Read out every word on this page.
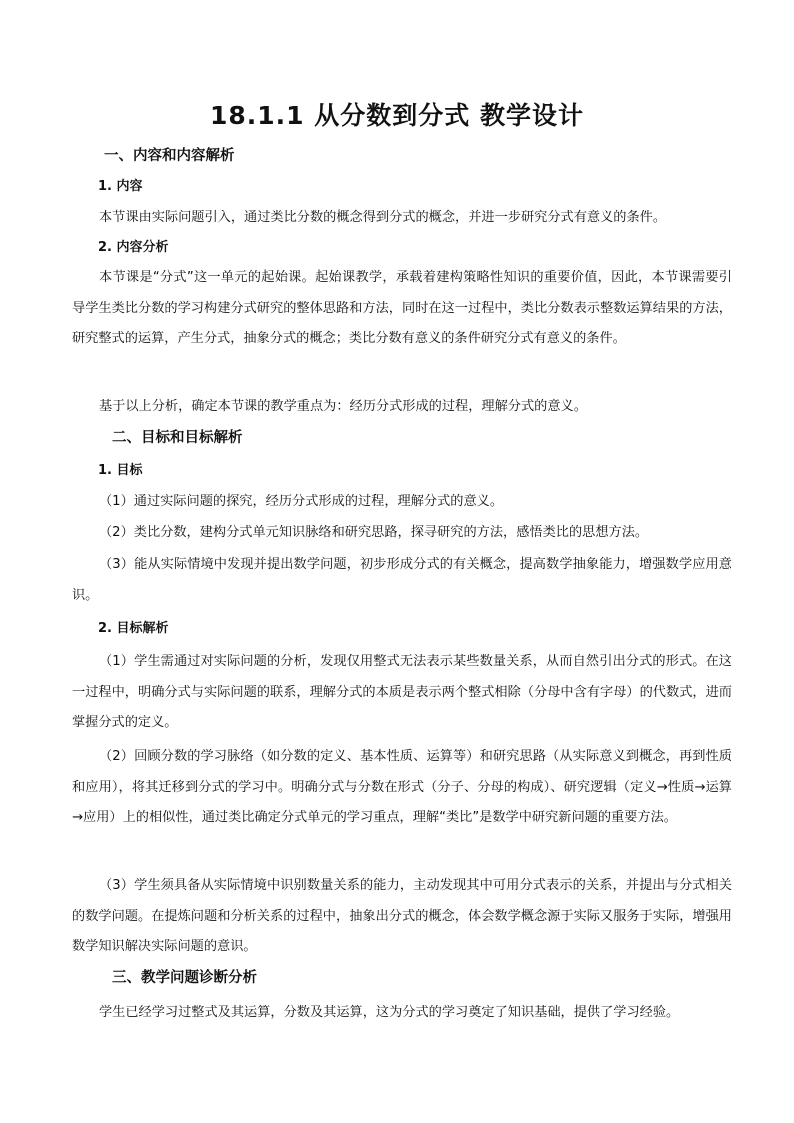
18.1.1 从分数到分式 教学设计
一、内容和内容解析
1. 内容

本节课由实际问题引入，通过类比分数的概念得到分式的概念，并进一步研究分式有意义的条件。

2. 内容分析

本节课是“分式”这一单元的起始课。起始课教学，承载着建构策略性知识的重要价值，因此，本节课需要引导学生类比分数的学习构建分式研究的整体思路和方法，同时在这一过程中，类比分数表示整数运算结果的方法，研究整式的运算，产生分式，抽象分式的概念；类比分数有意义的条件研究分式有意义的条件。

基于以上分析，确定本节课的教学重点为：经历分式形成的过程，理解分式的意义。

二、目标和目标解析
1. 目标

（1）通过实际问题的探究，经历分式形成的过程，理解分式的意义。

（2）类比分数，建构分式单元知识脉络和研究思路，探寻研究的方法，感悟类比的思想方法。

（3）能从实际情境中发现并提出数学问题，初步形成分式的有关概念，提高数学抽象能力，增强数学应用意识。

2. 目标解析

（1）学生需通过对实际问题的分析，发现仅用整式无法表示某些数量关系，从而自然引出分式的形式。在这一过程中，明确分式与实际问题的联系，理解分式的本质是表示两个整式相除（分母中含有字母）的代数式，进而掌握分式的定义。

（2）回顾分数的学习脉络（如分数的定义、基本性质、运算等）和研究思路（从实际意义到概念，再到性质和应用），将其迁移到分式的学习中。明确分式与分数在形式（分子、分母的构成）、研究逻辑（定义→性质→运算→应用）上的相似性，通过类比确定分式单元的学习重点，理解“类比”是数学中研究新问题的重要方法。

（3）学生须具备从实际情境中识别数量关系的能力，主动发现其中可用分式表示的关系，并提出与分式相关的数学问题。在提炼问题和分析关系的过程中，抽象出分式的概念，体会数学概念源于实际又服务于实际，增强用数学知识解决实际问题的意识。

三、教学问题诊断分析

学生已经学习过整式及其运算，分数及其运算，这为分式的学习奠定了知识基础，提供了学习经验。
